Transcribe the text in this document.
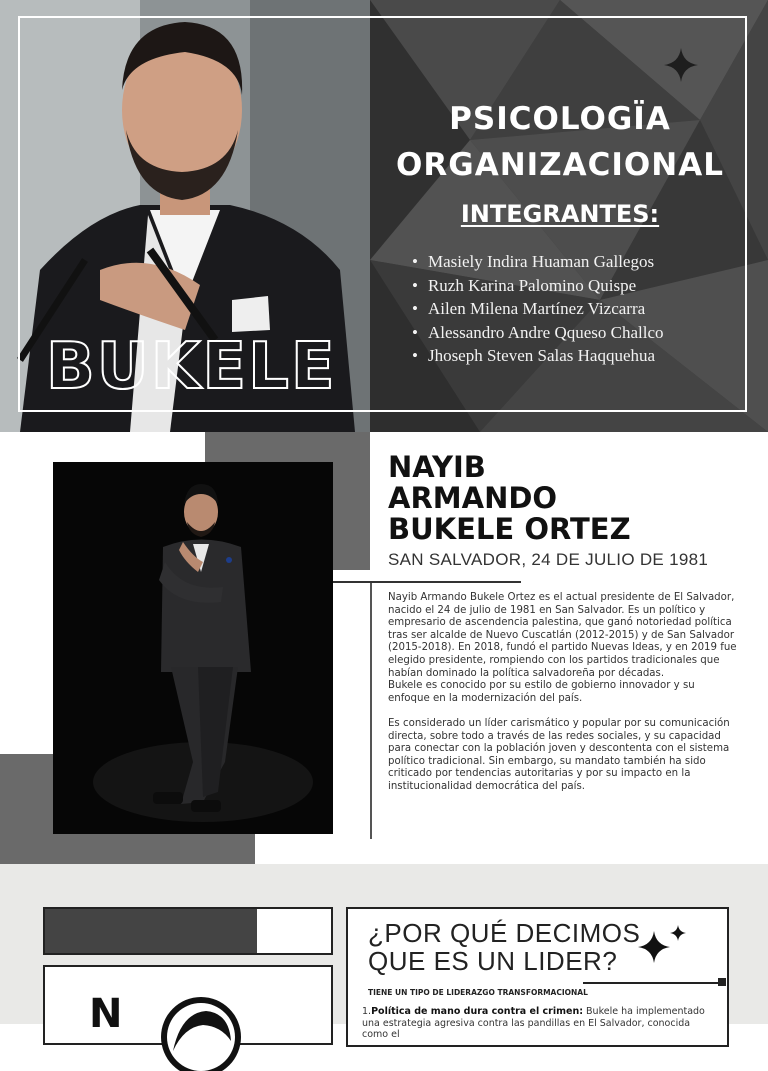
BUKELE
PSICOLOGÏA
ORGANIZACIONAL
INTEGRANTES:
• Masiely Indira Huaman Gallegos
• Ruzh Karina Palomino Quispe
• Ailen Milena Martínez Vizcarra
• Alessandro Andre Qqueso Challco
• Jhoseph Steven Salas Haqquehua
NAYIB
ARMANDO
BUKELE ORTEZ
SAN SALVADOR, 24 DE JULIO DE 1981

Nayib Armando Bukele Ortez es el actual presidente de El Salvador, nacido el 24 de julio de 1981 en San Salvador. Es un político y empresario de ascendencia palestina, que ganó notoriedad política tras ser alcalde de Nuevo Cuscatlán (2012-2015) y de San Salvador (2015-2018). En 2018, fundó el partido Nuevas Ideas, y en 2019 fue elegido presidente, rompiendo con los partidos tradicionales que habían dominado la política salvadoreña por décadas.
Bukele es conocido por su estilo de gobierno innovador y su enfoque en la modernización del país.

Es considerado un líder carismático y popular por su comunicación directa, sobre todo a través de las redes sociales, y su capacidad para conectar con la población joven y descontenta con el sistema político tradicional. Sin embargo, su mandato también ha sido criticado por tendencias autoritarias y por su impacto en la institucionalidad democrática del país.

N
¿POR QUÉ DECIMOS
QUE ES UN LIDER?
TIENE UN TIPO DE LIDERAZGO TRANSFORMACIONAL
1.Política de mano dura contra el crimen: Bukele ha implementado una estrategia agresiva contra las pandillas en El Salvador, conocida como el
